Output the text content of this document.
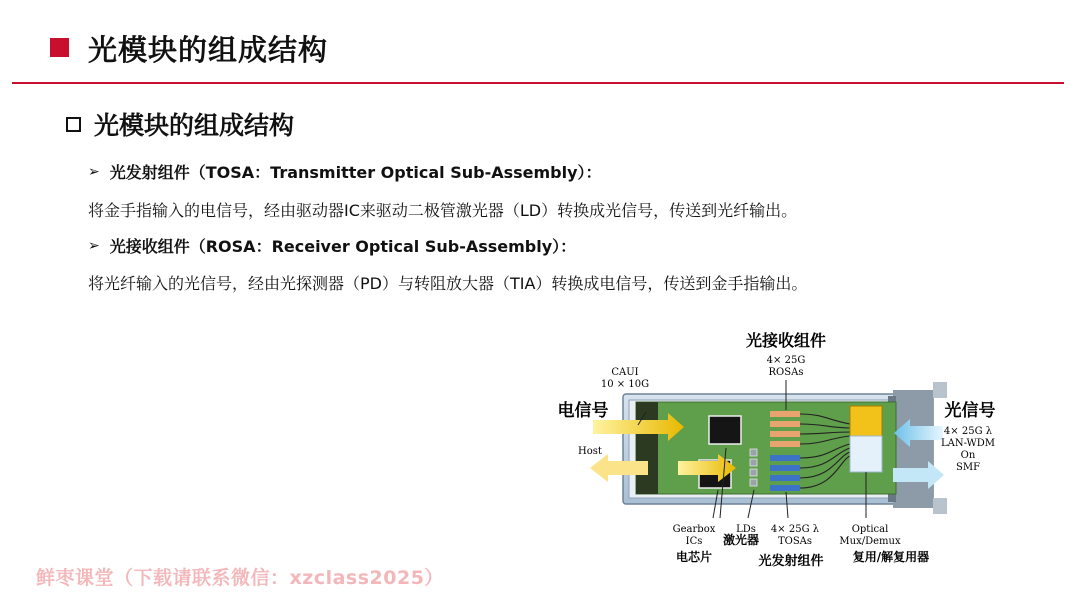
光模块的组成结构
光模块的组成结构
➢ 光发射组件（TOSA：Transmitter Optical Sub-Assembly）：
将金手指输入的电信号，经由驱动器IC来驱动二极管激光器（LD）转换成光信号，传送到光纤输出。
➢ 光接收组件（ROSA：Receiver Optical Sub-Assembly）：
将光纤输入的光信号，经由光探测器（PD）与转阻放大器（TIA）转换成电信号，传送到金手指输出。
光接收组件
4× 25G
ROSAs
CAUI
10 × 10G
电信号
Host
光信号
4× 25G λ
LAN-WDM
On
SMF
Gearbox
ICs
电芯片
LDs
激光器
4× 25G λ
TOSAs
光发射组件
Optical
Mux/Demux
复用/解复用器
鲜枣课堂（下载请联系微信：xzclass2025）
